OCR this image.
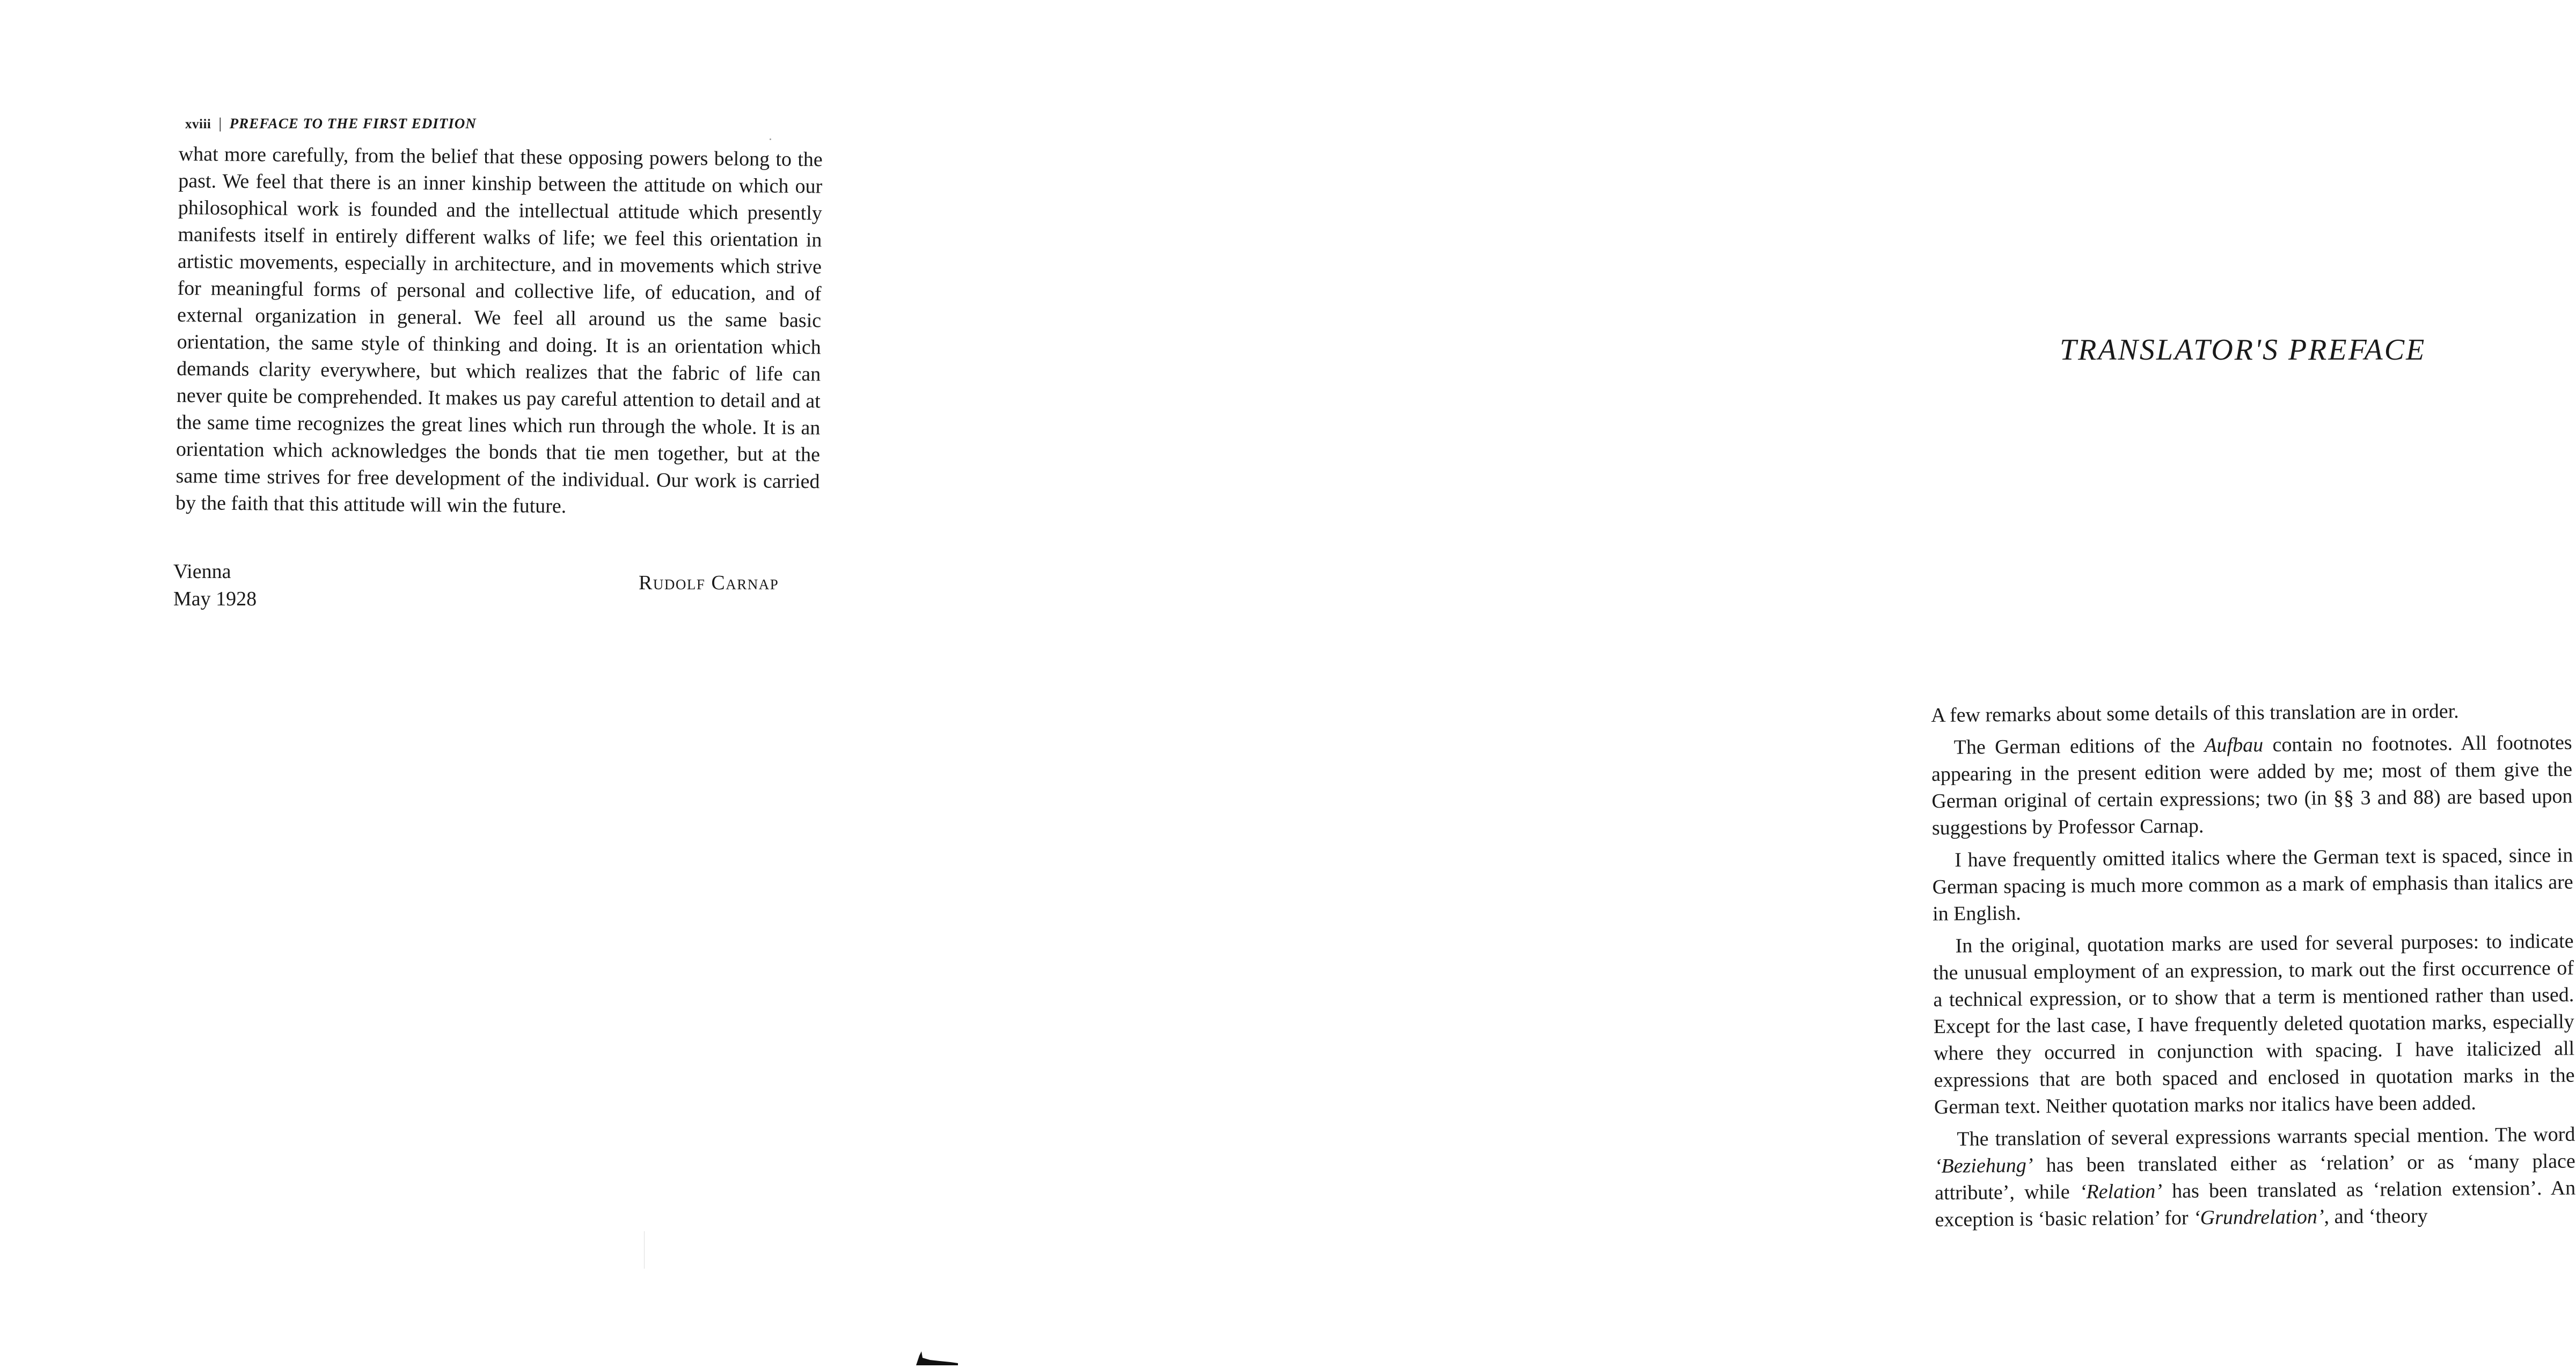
xviii | PREFACE TO THE FIRST EDITION

what more carefully, from the belief that these opposing powers belong to the past. We feel that there is an inner kinship between the attitude on which our philosophical work is founded and the intellectual attitude which presently manifests itself in entirely different walks of life; we feel this orientation in artistic movements, especially in architecture, and in movements which strive for meaningful forms of personal and collective life, of education, and of external organization in general. We feel all around us the same basic orientation, the same style of thinking and doing. It is an orientation which demands clarity everywhere, but which realizes that the fabric of life can never quite be comprehended. It makes us pay careful attention to detail and at the same time recognizes the great lines which run through the whole. It is an orientation which acknowledges the bonds that tie men together, but at the same time strives for free development of the individual. Our work is carried by the faith that this attitude will win the future.

Vienna
May 1928
Rudolf Carnap
TRANSLATOR'S PREFACE

A few remarks about some details of this translation are in order.

The German editions of the Aufbau contain no footnotes. All footnotes appearing in the present edition were added by me; most of them give the German original of certain expressions; two (in §§ 3 and 88) are based upon suggestions by Professor Carnap.

I have frequently omitted italics where the German text is spaced, since in German spacing is much more common as a mark of emphasis than italics are in English.

In the original, quotation marks are used for several purposes: to indicate the unusual employment of an expression, to mark out the first occurrence of a technical expression, or to show that a term is mentioned rather than used. Except for the last case, I have frequently deleted quotation marks, especially where they occurred in conjunction with spacing. I have italicized all expressions that are both spaced and enclosed in quotation marks in the German text. Neither quotation marks nor italics have been added.

The translation of several expressions warrants special mention. The word ‘Beziehung’ has been translated either as ‘relation’ or as ‘many place attribute’, while ‘Relation’ has been translated as ‘relation extension’. An exception is ‘basic relation’ for ‘Grundrelation’, and ‘theory
